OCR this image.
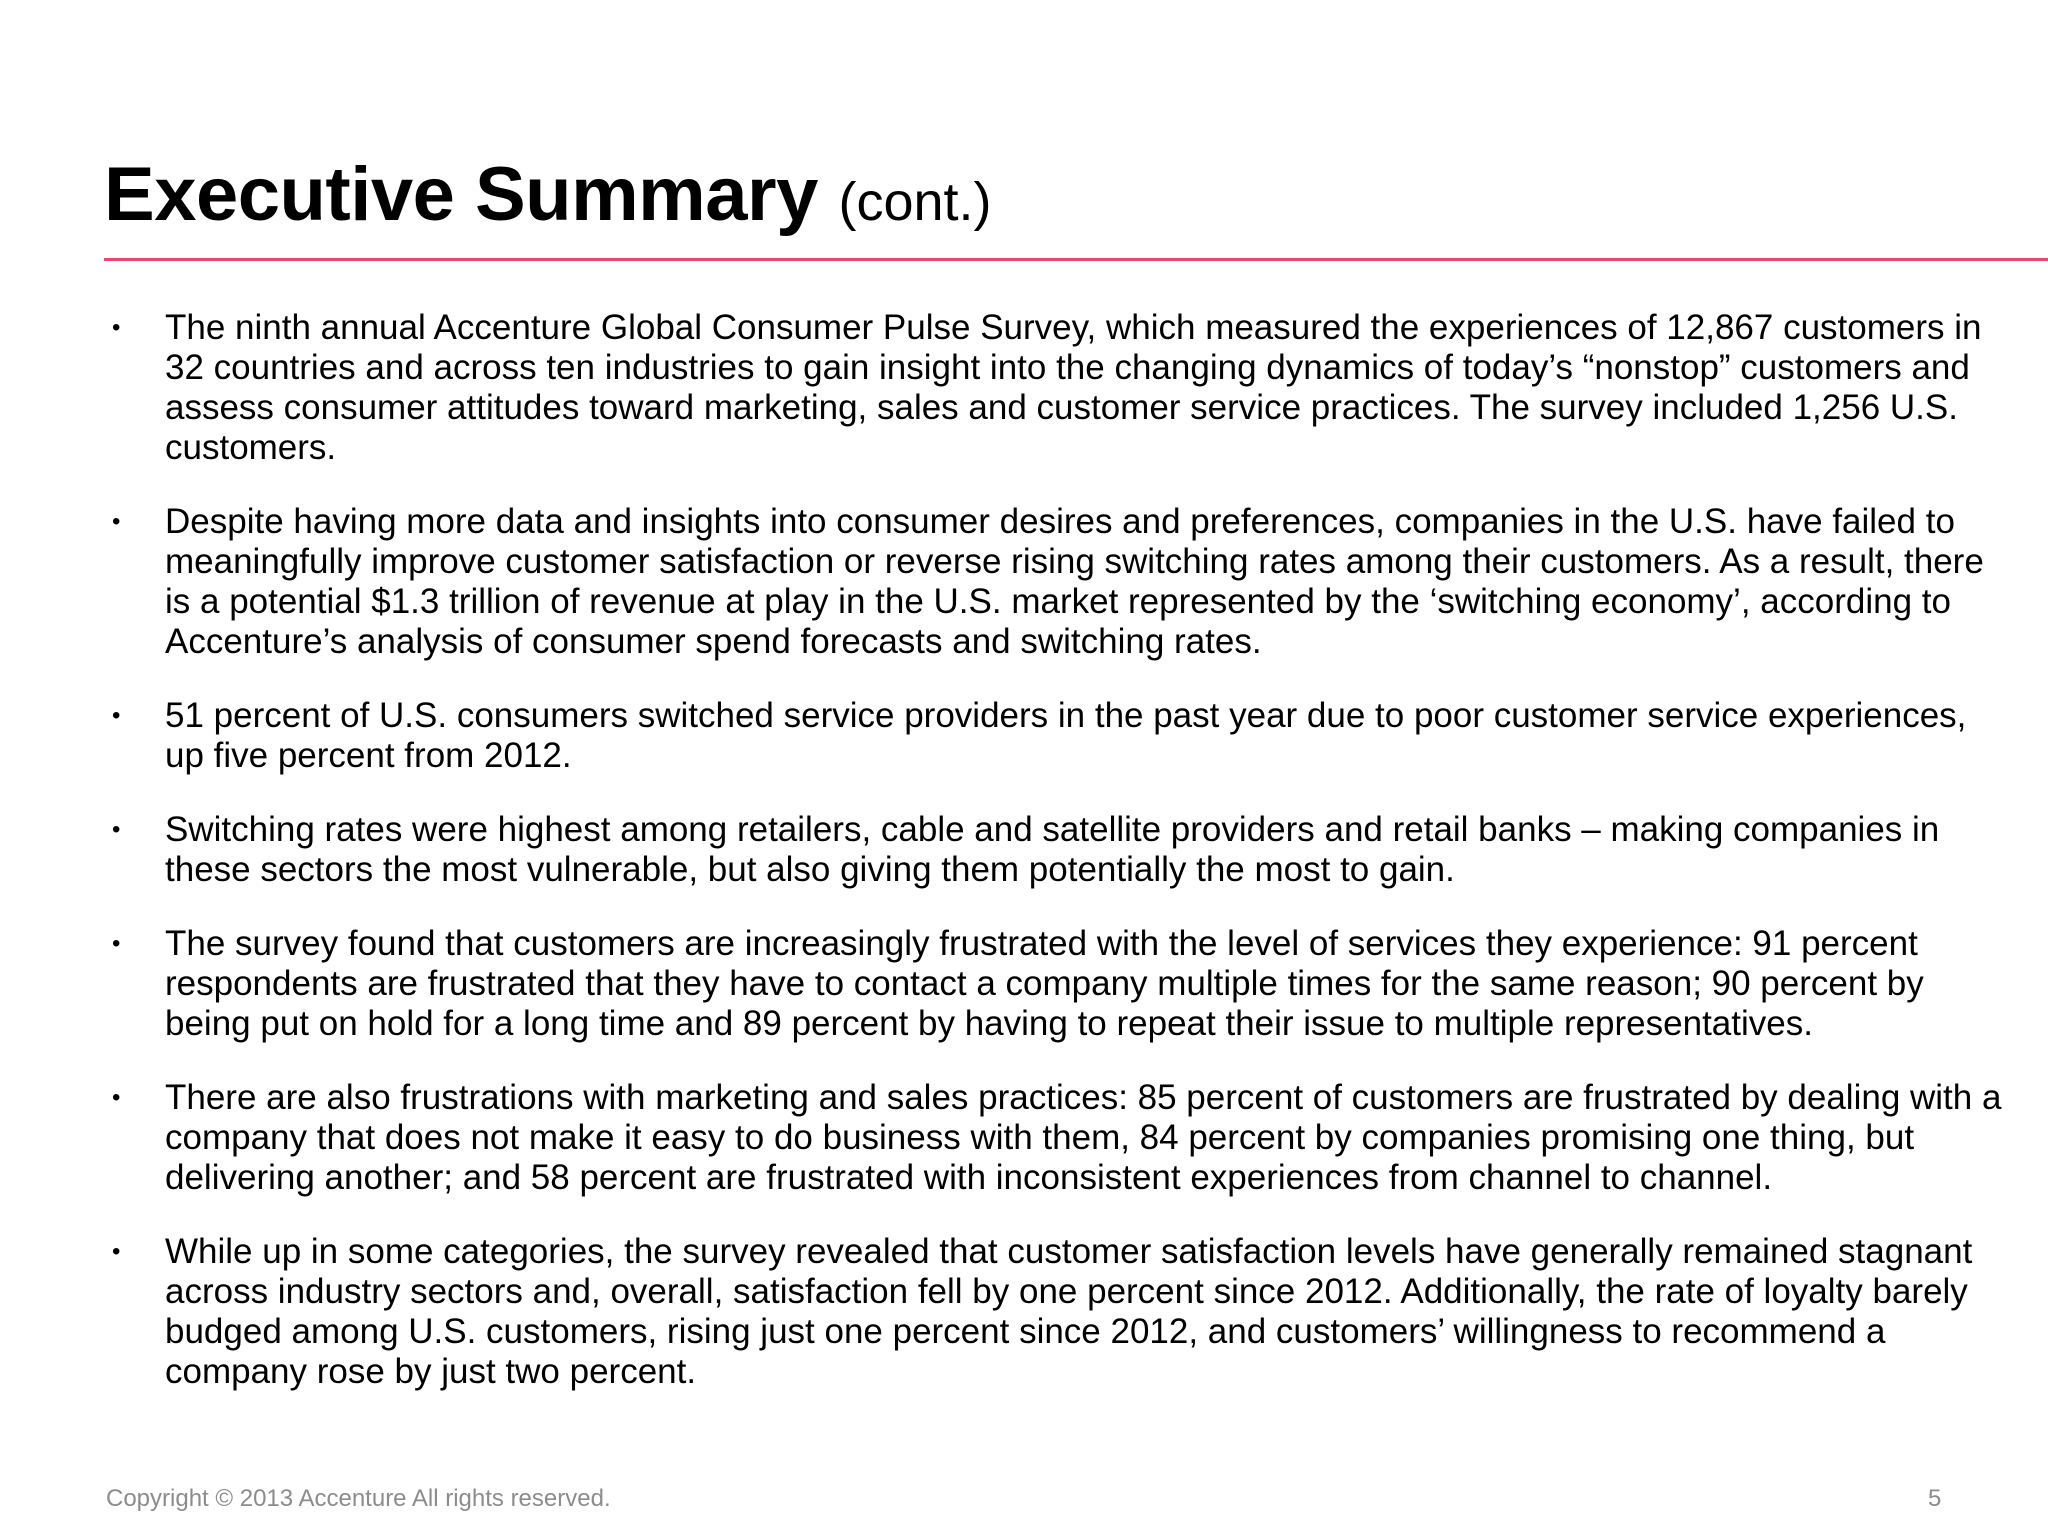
Executive Summary (cont.)
• The ninth annual Accenture Global Consumer Pulse Survey, which measured the experiences of 12,867 customers in 32 countries and across ten industries to gain insight into the changing dynamics of today’s “nonstop” customers and assess consumer attitudes toward marketing, sales and customer service practices. The survey included 1,256 U.S. customers.
• Despite having more data and insights into consumer desires and preferences, companies in the U.S. have failed to meaningfully improve customer satisfaction or reverse rising switching rates among their customers. As a result, there is a potential $1.3 trillion of revenue at play in the U.S. market represented by the ‘switching economy’, according to Accenture’s analysis of consumer spend forecasts and switching rates.
• 51 percent of U.S. consumers switched service providers in the past year due to poor customer service experiences, up five percent from 2012.
• Switching rates were highest among retailers, cable and satellite providers and retail banks – making companies in these sectors the most vulnerable, but also giving them potentially the most to gain.
• The survey found that customers are increasingly frustrated with the level of services they experience: 91 percent respondents are frustrated that they have to contact a company multiple times for the same reason; 90 percent by being put on hold for a long time and 89 percent by having to repeat their issue to multiple representatives.
• There are also frustrations with marketing and sales practices: 85 percent of customers are frustrated by dealing with a company that does not make it easy to do business with them, 84 percent by companies promising one thing, but delivering another; and 58 percent are frustrated with inconsistent experiences from channel to channel.
• While up in some categories, the survey revealed that customer satisfaction levels have generally remained stagnant across industry sectors and, overall, satisfaction fell by one percent since 2012. Additionally, the rate of loyalty barely budged among U.S. customers, rising just one percent since 2012, and customers’ willingness to recommend a company rose by just two percent.
Copyright © 2013 Accenture All rights reserved.	5
